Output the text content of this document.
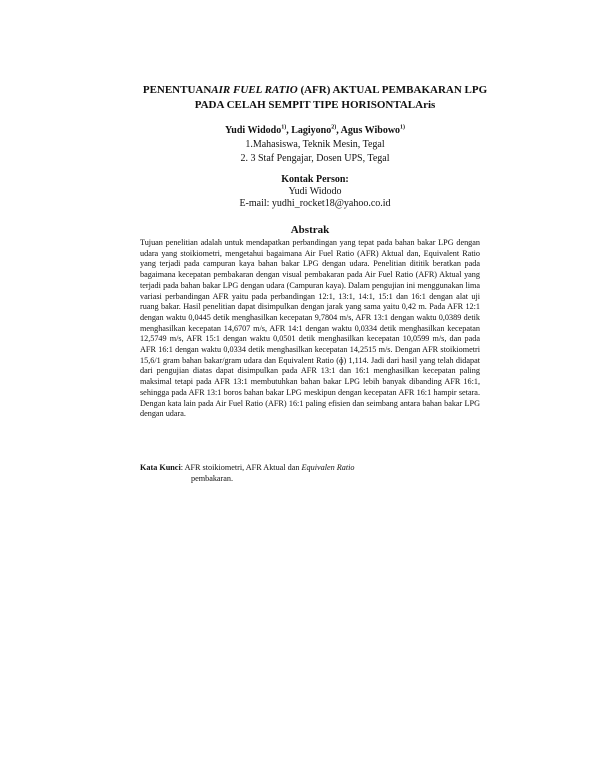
PENENTUANAIR FUEL RATIO (AFR) AKTUAL PEMBAKARAN LPG
PADA CELAH SEMPIT TIPE HORISONTALAris
Yudi Widodo$^{1)}$, Lagiyono$^{2)}$, Agus Wibowo$^{1)}$
1.Mahasiswa, Teknik Mesin, Tegal
2. 3 Staf Pengajar, Dosen UPS, Tegal
Kontak Person:
Yudi Widodo
E-mail: yudhi_rocket18@yahoo.co.id
Abstrak
Tujuan penelitian adalah untuk mendapatkan perbandingan yang tepat pada bahan bakar LPG dengan udara yang stoikiometri, mengetahui bagaimana Air Fuel Ratio (AFR) Aktual dan, Equivalent Ratio yang terjadi pada campuran kaya bahan bakar LPG dengan udara. Penelitian dititik beratkan pada bagaimana kecepatan pembakaran dengan visual pembakaran pada Air Fuel Ratio (AFR) Aktual yang terjadi pada bahan bakar LPG dengan udara (Campuran kaya). Dalam pengujian ini menggunakan lima variasi perbandingan AFR yaitu pada perbandingan 12:1, 13:1, 14:1, 15:1 dan 16:1 dengan alat uji ruang bakar. Hasil penelitian dapat disimpulkan dengan jarak yang sama yaitu 0,42 m. Pada AFR 12:1 dengan waktu 0,0445 detik menghasilkan kecepatan 9,7804 m/s, AFR 13:1 dengan waktu 0,0389 detik menghasilkan kecepatan 14,6707 m/s, AFR 14:1 dengan waktu 0,0334 detik menghasilkan kecepatan 12,5749 m/s, AFR 15:1 dengan waktu 0,0501 detik menghasilkan kecepatan 10,0599 m/s, dan pada AFR 16:1 dengan waktu 0,0334 detik menghasilkan kecepatan 14,2515 m/s. Dengan AFR stoikiometri 15,6/1 gram bahan bakar/gram udara dan Equivalent Ratio (ɸ) 1,114. Jadi dari hasil yang telah didapat dari pengujian diatas dapat disimpulkan pada AFR 13:1 dan 16:1 menghasilkan kecepatan paling maksimal tetapi pada AFR 13:1 membutuhkan bahan bakar LPG lebih banyak dibanding AFR 16:1, sehingga pada AFR 13:1 boros bahan bakar LPG meskipun dengan kecepatan AFR 16:1 hampir setara. Dengan kata lain pada Air Fuel Ratio (AFR) 16:1 paling efisien dan seimbang antara bahan bakar LPG dengan udara.
Kata Kunci: AFR stoikiometri, AFR Aktual dan Equivalen Ratio
pembakaran.
